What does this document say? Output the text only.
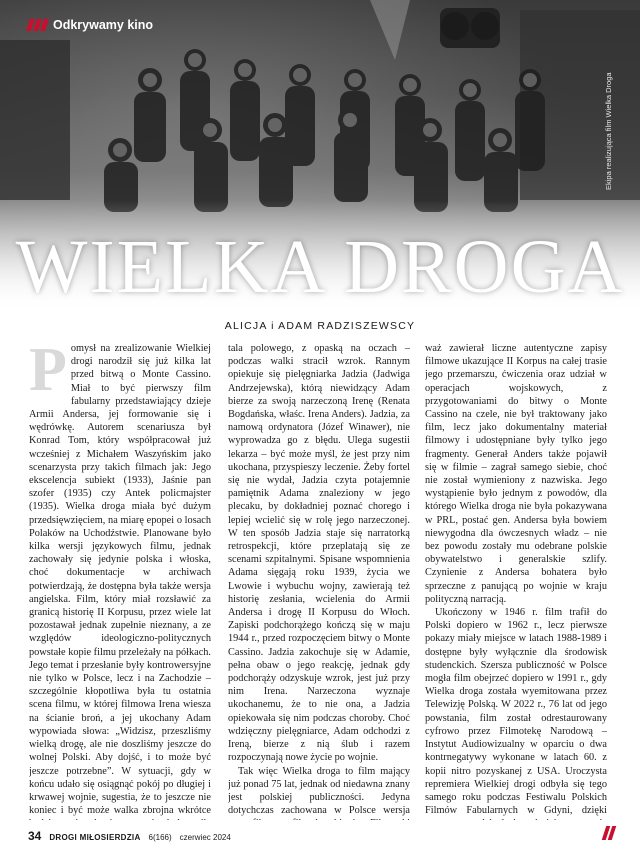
Odkrywamy kino
Ekipa realizująca film Wielka Droga
WIELKA DROGA
ALICJA i ADAM RADZISZEWSCY

Pomysł na zrealizowanie Wielkiej drogi narodził się już kilka lat przed bitwą o Monte Cassino. Miał to być pierwszy film fabularny przedstawiający dzieje Armii Andersa, jej formowanie się i wędrówkę. Autorem scenariusza był Konrad Tom, który współpracował już wcześniej z Michałem Waszyńskim jako scenarzysta przy takich filmach jak: Jego ekscelencja subiekt (1933), Jaśnie pan szofer (1935) czy Antek policmajster (1935). Wielka droga miała być dużym przedsięwzięciem, na miarę epopei o losach Polaków na Uchodźstwie. Planowane było kilka wersji językowych filmu, jednak zachowały się jedynie polska i włoska, choć dokumentacje w archiwach potwierdzają, że dostępna była także wersja angielska. Film, który miał rozsławić za granicą historię II Korpusu, przez wiele lat pozostawał jednak zupełnie nieznany, a ze względów ideologiczno-politycznych powstałe kopie filmu przeleżały na półkach. Jego temat i przesłanie były kontrowersyjne nie tylko w Polsce, lecz i na Zachodzie – szczególnie kłopotliwa była tu ostatnia scena filmu, w której filmowa Irena wiesza na ścianie broń, a jej ukochany Adam wypowiada słowa: „Widzisz, przeszliśmy wielką drogę, ale nie doszliśmy jeszcze do wolnej Polski. Aby dojść, i to może być jeszcze potrzebne”. W sytuacji, gdy w końcu udało się osiągnąć pokój po długiej i krwawej wojnie, sugestia, że to jeszcze nie koniec i być może walka zbrojna wkrótce

tala polowego, z opaską na oczach – podczas walki stracił wzrok. Rannym opiekuje się pielęgniarka Jadzia (Jadwiga Andrzejewska), którą niewidzący Adam bierze za swoją narzeczoną Irenę (Renata Bogdańska, właśc. Irena Anders). Jadzia, za namową ordynatora (Józef Winawer), nie wyprowadza go z błędu. Ulega sugestii lekarza – być może myśl, że jest przy nim ukochana, przyspieszy leczenie. Żeby fortel się nie wydał, Jadzia czyta potajemnie pamiętnik Adama znaleziony w jego plecaku, by dokładniej poznać chorego i lepiej wcielić się w rolę jego narzeczonej. W ten sposób Jadzia staje się narratorką retrospekcji, które przeplatają się ze scenami szpitalnymi. Spisane wspomnienia Adama sięgają roku 1939, życia we Lwowie i wybuchu wojny, zawierają też historię zesłania, wcielenia do Armii Andersa i drogę II Korpusu do Włoch. Zapiski podchorążego kończą się w maju 1944 r., przed rozpoczęciem bitwy o Monte Cassino. Jadzia zakochuje się w Adamie, pełna obaw o jego reakcję, jednak gdy podchorąży odzyskuje wzrok, jest już przy nim Irena. Narzeczona wyznaje ukochanemu, że to nie ona, a Jadzia opiekowała się nim podczas choroby. Choć wdzięczny pielęgniarce, Adam odchodzi z Ireną, bierze z nią ślub i razem rozpoczynają nowe życie po wojnie.

Tak więc Wielka droga to film mający już ponad 75 lat, jednak od niedawna znany jest polskiej publiczności. Jedyna dotychczas zachowana w Polsce wersja

waż zawierał liczne autentyczne zapisy filmowe ukazujące II Korpus na całej trasie jego przemarszu, ćwiczenia oraz udział w operacjach wojskowych, z przygotowaniami do bitwy o Monte Cassino na czele, nie był traktowany jako film, lecz jako dokumentalny materiał filmowy i udostępniane były tylko jego fragmenty. Generał Anders także pojawił się w filmie – zagrał samego siebie, choć nie został wymieniony z nazwiska. Jego wystąpienie było jednym z powodów, dla którego Wielka droga nie była pokazywana w PRL, postać gen. Andersa była bowiem niewygodna dla ówczesnych władz – nie bez powodu zostały mu odebrane polskie obywatelstwo i generalskie szlify. Czynienie z Andersa bohatera było sprzeczne z panującą po wojnie w kraju polityczną narracją.

Ukończony w 1946 r. film trafił do Polski dopiero w 1962 r., lecz pierwsze pokazy miały miejsce w latach 1988-1989 i dostępne były wyłącznie dla środowisk studenckich. Szersza publiczność w Polsce mogła film obejrzeć dopiero w 1991 r., gdy Wielka droga została wyemitowana przez Telewizję Polską. W 2022 r., 76 lat od jego powstania, film został odrestaurowany cyfrowo przez Filmotekę Narodową – Instytut Audiowizualny w oparciu o dwa kontrnegatywy wykonane w latach 60. z kopii nitro pozyskanej z USA. Uroczysta repremiera Wielkiej drogi odbyła się tego samego roku podczas Festiwalu Polskich Filmów Fabularnych w Gdyni, dzięki

34 DROGI MIŁOSIERDZIA 6(166) czerwiec 2024
